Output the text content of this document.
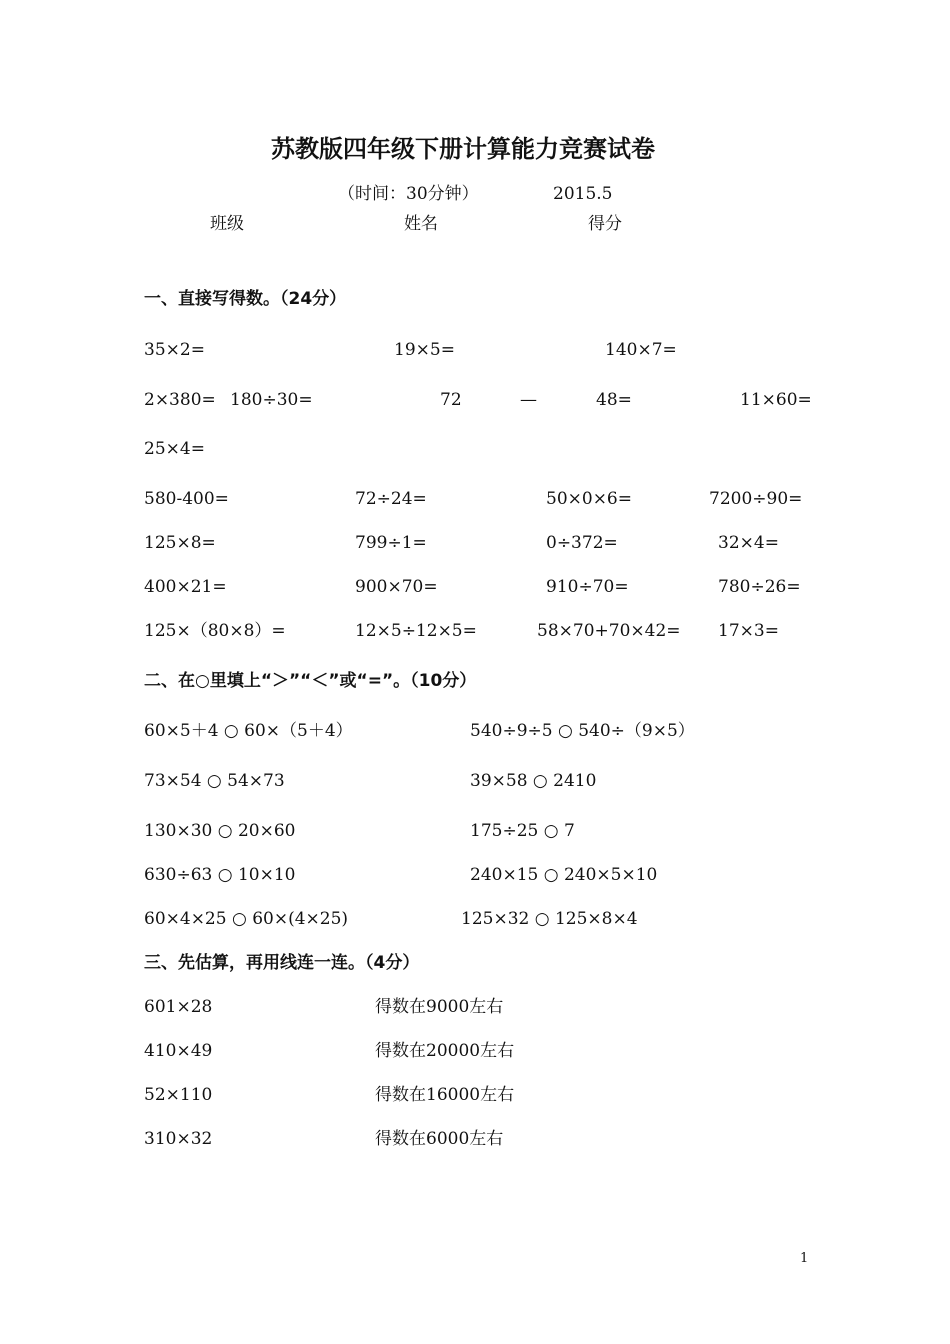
苏教版四年级下册计算能力竞赛试卷
（时间：30分钟）	2015.5
班级	姓名	得分
一、直接写得数。（24分）
35×2=	19×5=	140×7=
2×380= 180÷30=	72	—	48=	11×60=
25×4=
580-400=	72÷24=	50×0×6=	7200÷90=
125×8=	799÷1=	0÷372=	32×4=
400×21=	900×70=	910÷70=	780÷26=
125×（80×8）=	12×5÷12×5=	58×70+70×42= 17×3=
二、在○里填上“＞”“＜”或“=”。（10分）
60×5＋4 ○ 60×（5＋4）	540÷9÷5 ○ 540÷（9×5）
73×54 ○ 54×73	39×58 ○ 2410
130×30 ○ 20×60	175÷25 ○ 7
630÷63 ○ 10×10	240×15 ○ 240×5×10
60×4×25 ○ 60×(4×25)	125×32 ○ 125×8×4
三、先估算，再用线连一连。（4分）
601×28	得数在9000左右
410×49	得数在20000左右
52×110	得数在16000左右
310×32	得数在6000左右
1
